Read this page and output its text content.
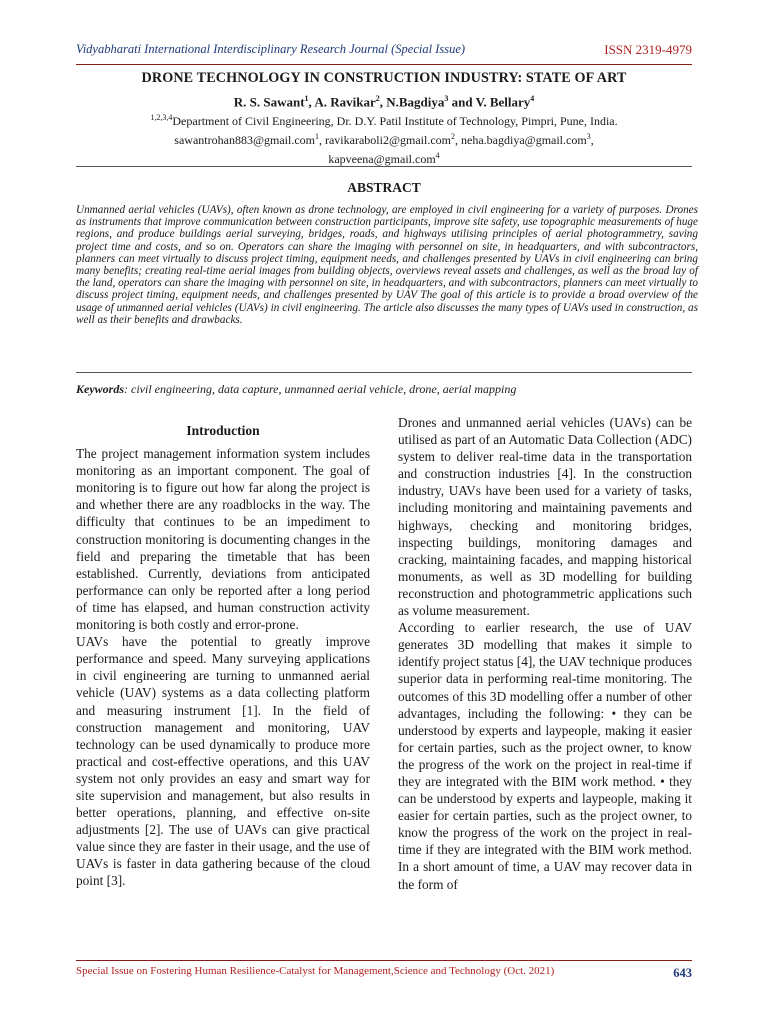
Vidyabharati International Interdisciplinary Research Journal (Special Issue)	ISSN 2319-4979
DRONE TECHNOLOGY IN CONSTRUCTION INDUSTRY: STATE OF ART
R. S. Sawant$^1$, A. Ravikar$^2$, N.Bagdiya$^3$ and V. Bellary$^4$
$^{1,2,3,4}$Department of Civil Engineering, Dr. D.Y. Patil Institute of Technology, Pimpri, Pune, India.
sawantrohan883@gmail.com$^1$, ravikaraboli2@gmail.com$^2$, neha.bagdiya@gmail.com$^3$,
kapveena@gmail.com$^4$
ABSTRACT
Unmanned aerial vehicles (UAVs), often known as drone technology, are employed in civil engineering for a variety of purposes. Drones as instruments that improve communication between construction participants, improve site safety, use topographic measurements of huge regions, and produce buildings aerial surveying, bridges, roads, and highways utilising principles of aerial photogrammetry, saving project time and costs, and so on. Operators can share the imaging with personnel on site, in headquarters, and with subcontractors, planners can meet virtually to discuss project timing, equipment needs, and challenges presented by UAVs in civil engineering can bring many benefits; creating real-time aerial images from building objects, overviews reveal assets and challenges, as well as the broad lay of the land, operators can share the imaging with personnel on site, in headquarters, and with subcontractors, planners can meet virtually to discuss project timing, equipment needs, and challenges presented by UAV The goal of this article is to provide a broad overview of the usage of unmanned aerial vehicles (UAVs) in civil engineering. The article also discusses the many types of UAVs used in construction, as well as their benefits and drawbacks.
Keywords: civil engineering, data capture, unmanned aerial vehicle, drone, aerial mapping

Introduction

The project management information system includes monitoring as an important component. The goal of monitoring is to figure out how far along the project is and whether there are any roadblocks in the way. The difficulty that continues to be an impediment to construction monitoring is documenting changes in the field and preparing the timetable that has been established. Currently, deviations from anticipated performance can only be reported after a long period of time has elapsed, and human construction activity monitoring is both costly and error-prone.

UAVs have the potential to greatly improve performance and speed. Many surveying applications in civil engineering are turning to unmanned aerial vehicle (UAV) systems as a data collecting platform and measuring instrument [1]. In the field of construction management and monitoring, UAV technology can be used dynamically to produce more practical and cost-effective operations, and this UAV system not only provides an easy and smart way for site supervision and management, but also results in better operations, planning, and effective on-site adjustments [2]. The use of UAVs can give practical value since they are faster in their usage, and the use of UAVs is faster in data gathering because of the cloud point [3].

Drones and unmanned aerial vehicles (UAVs) can be utilised as part of an Automatic Data Collection (ADC) system to deliver real-time data in the transportation and construction industries [4]. In the construction industry, UAVs have been used for a variety of tasks, including monitoring and maintaining pavements and highways, checking and monitoring bridges, inspecting buildings, monitoring damages and cracking, maintaining facades, and mapping historical monuments, as well as 3D modelling for building reconstruction and photogrammetric applications such as volume measurement.

According to earlier research, the use of UAV generates 3D modelling that makes it simple to identify project status [4], the UAV technique produces superior data in performing real-time monitoring. The outcomes of this 3D modelling offer a number of other advantages, including the following: • they can be understood by experts and laypeople, making it easier for certain parties, such as the project owner, to know the progress of the work on the project in real-time if they are integrated with the BIM work method. • they can be understood by experts and laypeople, making it easier for certain parties, such as the project owner, to know the progress of the work on the project in real-time if they are integrated with the BIM work method. In a short amount of time, a UAV may recover data in the form of

Special Issue on Fostering Human Resilience-Catalyst for Management,Science and Technology (Oct. 2021)	643
